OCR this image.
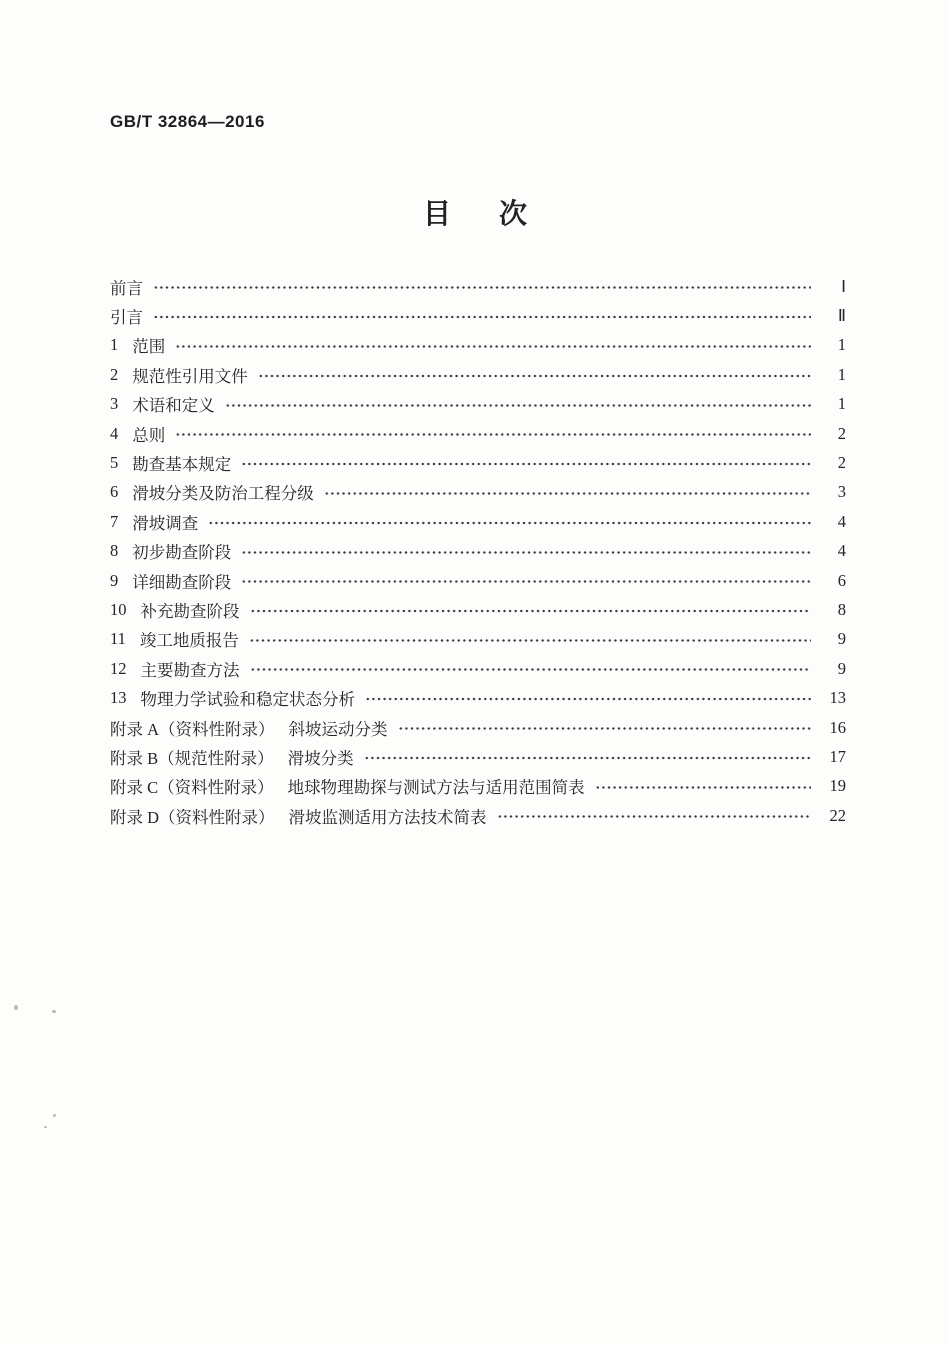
GB/T 32864—2016
目　次
前言	Ⅰ
引言	Ⅱ
1 范围	1
2 规范性引用文件	1
3 术语和定义	1
4 总则	2
5 勘查基本规定	2
6 滑坡分类及防治工程分级	3
7 滑坡调查	4
8 初步勘查阶段	4
9 详细勘查阶段	6
10 补充勘查阶段	8
11 竣工地质报告	9
12 主要勘查方法	9
13 物理力学试验和稳定状态分析	13
附录 A（资料性附录） 斜坡运动分类	16
附录 B（规范性附录） 滑坡分类	17
附录 C（资料性附录） 地球物理勘探与测试方法与适用范围简表	19
附录 D（资料性附录） 滑坡监测适用方法技术简表	22
